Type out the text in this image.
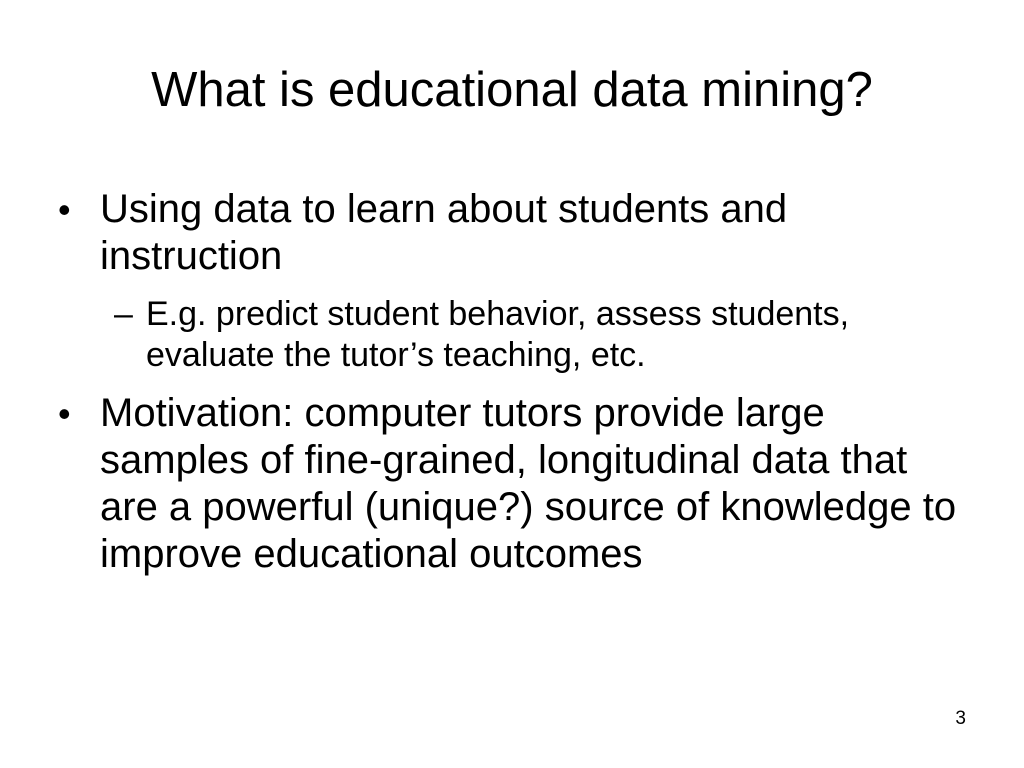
What is educational data mining?
• Using data to learn about students and instruction
– E.g. predict student behavior, assess students, evaluate the tutor’s teaching, etc.
• Motivation: computer tutors provide large samples of fine-grained, longitudinal data that are a powerful (unique?) source of knowledge to improve educational outcomes
3
